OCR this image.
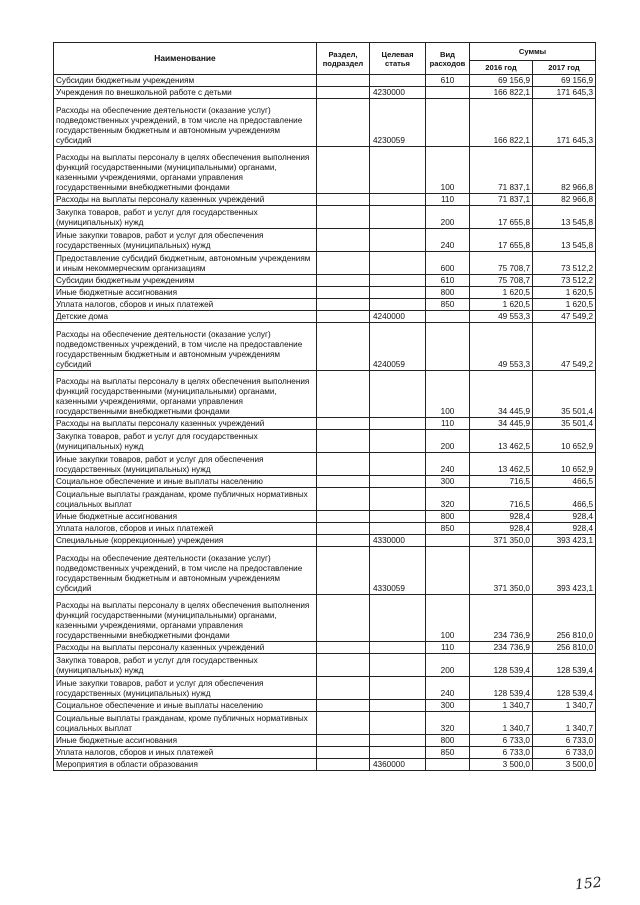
Наименование	Раздел, подраздел	Целевая статья	Вид расходов	Суммы	
				2016 год	2017 год
Субсидии бюджетным учреждениям			610	69 156,9	69 156,9
Учреждения по внешкольной работе с детьми		4230000		166 822,1	171 645,3
Расходы на обеспечение деятельности (оказание услуг) подведомственных учреждений, в том числе на предоставление государственным бюджетным и автономным учреждениям субсидий		4230059		166 822,1	171 645,3
Расходы на выплаты персоналу в целях обеспечения выполнения функций государственными (муниципальными) органами, казенными учреждениями, органами управления государственными внебюджетными фондами			100	71 837,1	82 966,8
Расходы на выплаты персоналу казенных учреждений			110	71 837,1	82 966,8
Закупка товаров, работ и услуг для государственных (муниципальных) нужд			200	17 655,8	13 545,8
Иные закупки товаров, работ и услуг для обеспечения государственных (муниципальных) нужд			240	17 655,8	13 545,8
Предоставление субсидий бюджетным, автономным учреждениям и иным некоммерческим организациям			600	75 708,7	73 512,2
Субсидии бюджетным учреждениям			610	75 708,7	73 512,2
Иные бюджетные ассигнования			800	1 620,5	1 620,5
Уплата налогов, сборов и иных платежей			850	1 620,5	1 620,5
Детские дома		4240000		49 553,3	47 549,2
Расходы на обеспечение деятельности (оказание услуг) подведомственных учреждений, в том числе на предоставление государственным бюджетным и автономным учреждениям субсидий		4240059		49 553,3	47 549,2
Расходы на выплаты персоналу в целях обеспечения выполнения функций государственными (муниципальными) органами, казенными учреждениями, органами управления государственными внебюджетными фондами			100	34 445,9	35 501,4
Расходы на выплаты персоналу казенных учреждений			110	34 445,9	35 501,4
Закупка товаров, работ и услуг для государственных (муниципальных) нужд			200	13 462,5	10 652,9
Иные закупки товаров, работ и услуг для обеспечения государственных (муниципальных) нужд			240	13 462,5	10 652,9
Социальное обеспечение и иные выплаты населению			300	716,5	466,5
Социальные выплаты гражданам, кроме публичных нормативных социальных выплат			320	716,5	466,5
Иные бюджетные ассигнования			800	928,4	928,4
Уплата налогов, сборов и иных платежей			850	928,4	928,4
Специальные (коррекционные) учреждения		4330000		371 350,0	393 423,1
Расходы на обеспечение деятельности (оказание услуг) подведомственных учреждений, в том числе на предоставление государственным бюджетным и автономным учреждениям субсидий		4330059		371 350,0	393 423,1
Расходы на выплаты персоналу в целях обеспечения выполнения функций государственными (муниципальными) органами, казенными учреждениями, органами управления государственными внебюджетными фондами			100	234 736,9	256 810,0
Расходы на выплаты персоналу казенных учреждений			110	234 736,9	256 810,0
Закупка товаров, работ и услуг для государственных (муниципальных) нужд			200	128 539,4	128 539,4
Иные закупки товаров, работ и услуг для обеспечения государственных (муниципальных) нужд			240	128 539,4	128 539,4
Социальное обеспечение и иные выплаты населению			300	1 340,7	1 340,7
Социальные выплаты гражданам, кроме публичных нормативных социальных выплат			320	1 340,7	1 340,7
Иные бюджетные ассигнования			800	6 733,0	6 733,0
Уплата налогов, сборов и иных платежей			850	6 733,0	6 733,0
Мероприятия в области образования		4360000		3 500,0	3 500,0
152
